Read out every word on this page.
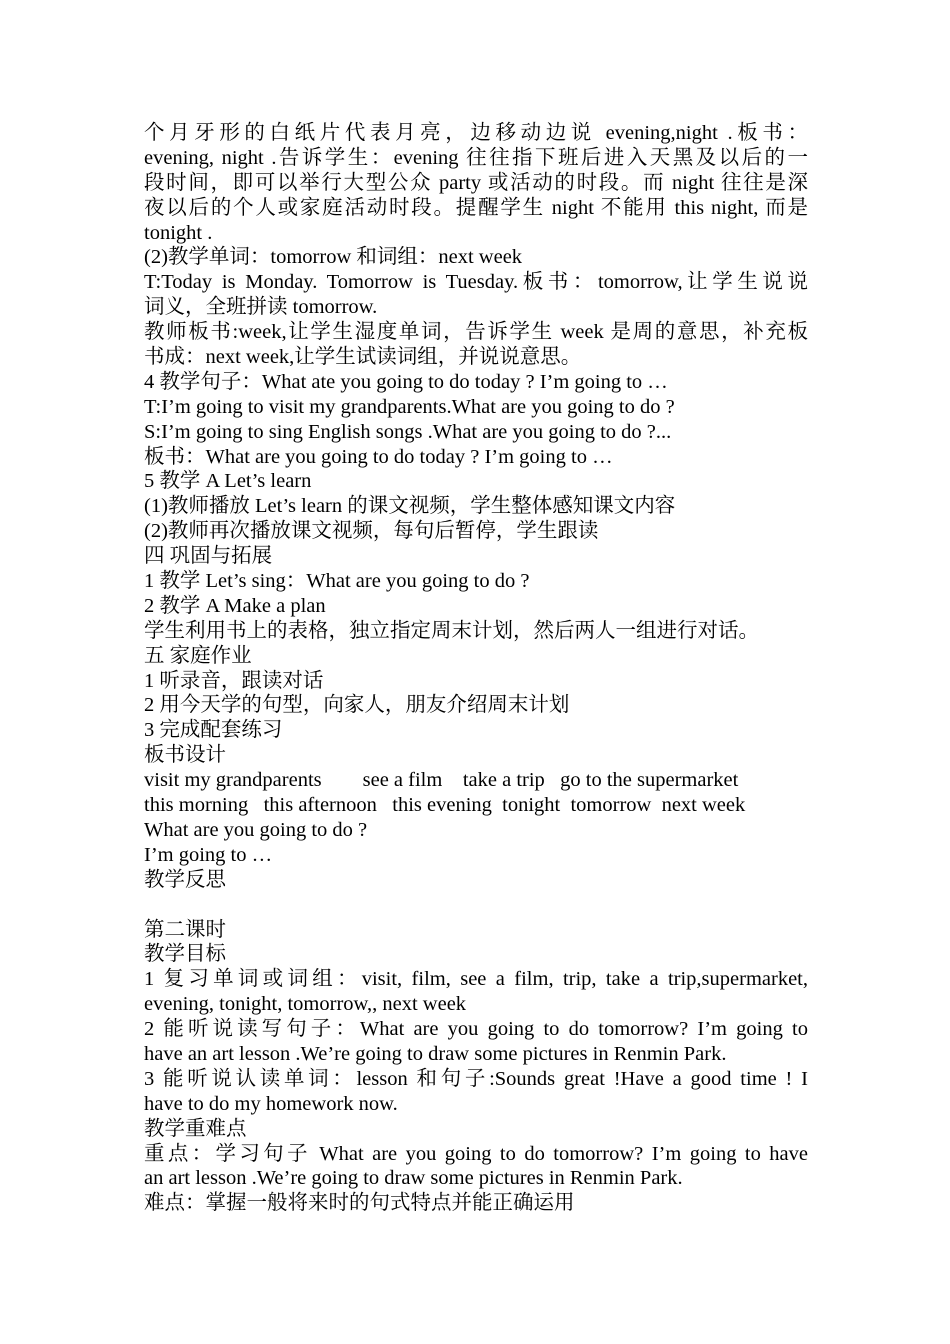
个月牙形的白纸片代表月亮，边移动边说 evening,night .板书：
evening, night .告诉学生：evening 往往指下班后进入天黑及以后的一
段时间，即可以举行大型公众 party 或活动的时段。而 night 往往是深
夜以后的个人或家庭活动时段。提醒学生 night 不能用 this night, 而是
tonight .
(2)教学单词：tomorrow 和词组：next week
T:Today is Monday. Tomorrow is Tuesday.板书：tomorrow,让学生说说
词义，全班拼读 tomorrow.
教师板书:week,让学生湿度单词，告诉学生 week 是周的意思，补充板
书成：next week,让学生试读词组，并说说意思。
4 教学句子：What ate you going to do today ? I’m going to …
T:I’m going to visit my grandparents.What are you going to do ?
S:I’m going to sing English songs .What are you going to do ?...
板书：What are you going to do today ? I’m going to …
5 教学 A Let’s learn
(1)教师播放 Let’s learn 的课文视频，学生整体感知课文内容
(2)教师再次播放课文视频，每句后暂停，学生跟读
四 巩固与拓展
1 教学 Let’s sing：What are you going to do ?
2 教学 A Make a plan
学生利用书上的表格，独立指定周末计划，然后两人一组进行对话。
五 家庭作业
1 听录音，跟读对话
2 用今天学的句型，向家人，朋友介绍周末计划
3 完成配套练习
板书设计
visit my grandparents        see a film    take a trip   go to the supermarket
this morning   this afternoon   this evening  tonight  tomorrow  next week
What are you going to do ?
I’m going to …
教学反思
第二课时
教学目标
1 复习单词或词组：visit, film, see a film, trip, take a trip,supermarket,
evening, tonight, tomorrow,, next week
2 能听说读写句子：What are you going to do tomorrow? I’m going to
have an art lesson .We’re going to draw some pictures in Renmin Park.
3 能听说认读单词：lesson 和句子:Sounds great !Have a good time ! I
have to do my homework now.
教学重难点
重点：学习句子 What are you going to do tomorrow? I’m going to have
an art lesson .We’re going to draw some pictures in Renmin Park.
难点：掌握一般将来时的句式特点并能正确运用
